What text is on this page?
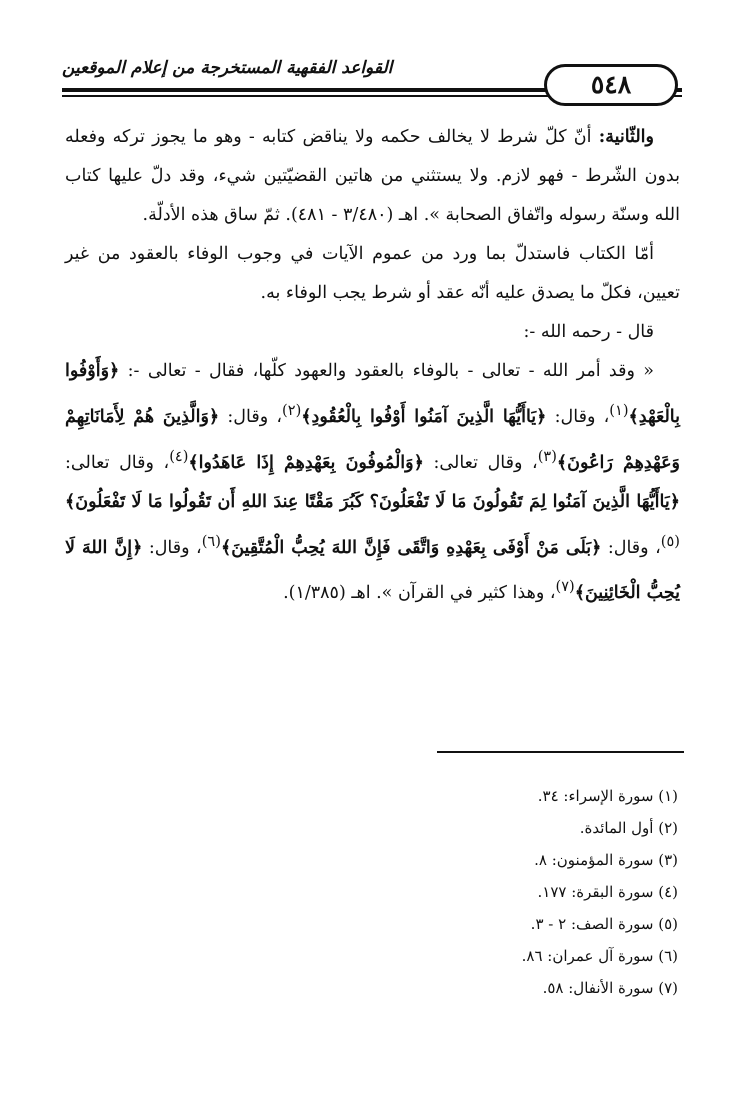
القواعد الفقهية المستخرجة من إعلام الموقعين
٥٤٨

والثّانية: أنّ كلّ شرط لا يخالف حكمه ولا يناقض كتابه - وهو ما يجوز تركه وفعله بدون الشّرط - فهو لازم. ولا يستثني من هاتين القضيّتين شيء، وقد دلّ عليها كتاب الله وسنّة رسوله واتّفاق الصحابة ». اهـ (٣/٤٨٠ - ٤٨١). ثمّ ساق هذه الأدلّة.

أمّا الكتاب فاستدلّ بما ورد من عموم الآيات في وجوب الوفاء بالعقود من غير تعيين، فكلّ ما يصدق عليه أنّه عقد أو شرط يجب الوفاء به.

قال - رحمه الله -:

« وقد أمر الله - تعالى - بالوفاء بالعقود والعهود كلّها، فقال - تعالى -: ﴿وَأَوْفُوا بِالْعَهْدِ﴾$^{(١)}$، وقال: ﴿يَاأَيُّهَا الَّذِينَ آمَنُوا أَوْفُوا بِالْعُقُودِ﴾$^{(٢)}$، وقال: ﴿وَالَّذِينَ هُمْ لِأَمَانَاتِهِمْ وَعَهْدِهِمْ رَاعُونَ﴾$^{(٣)}$، وقال تعالى: ﴿وَالْمُوفُونَ بِعَهْدِهِمْ إِذَا عَاهَدُوا﴾$^{(٤)}$، وقال تعالى: ﴿يَاأَيُّهَا الَّذِينَ آمَنُوا لِمَ تَقُولُونَ مَا لَا تَفْعَلُونَ؟ كَبُرَ مَقْتًا عِندَ اللهِ أَن تَقُولُوا مَا لَا تَفْعَلُونَ﴾$^{(٥)}$، وقال: ﴿بَلَى مَنْ أَوْفَى بِعَهْدِهِ وَاتَّقَى فَإِنَّ اللهَ يُحِبُّ الْمُتَّقِينَ﴾$^{(٦)}$، وقال: ﴿إِنَّ اللهَ لَا يُحِبُّ الْخَائِنِينَ﴾$^{(٧)}$، وهذا كثير في القرآن ». اهـ (١/٣٨٥).

(١) سورة الإسراء: ٣٤.
(٢) أول المائدة.
(٣) سورة المؤمنون: ٨.
(٤) سورة البقرة: ١٧٧.
(٥) سورة الصف: ٢ - ٣.
(٦) سورة آل عمران: ٨٦.
(٧) سورة الأنفال: ٥٨.
